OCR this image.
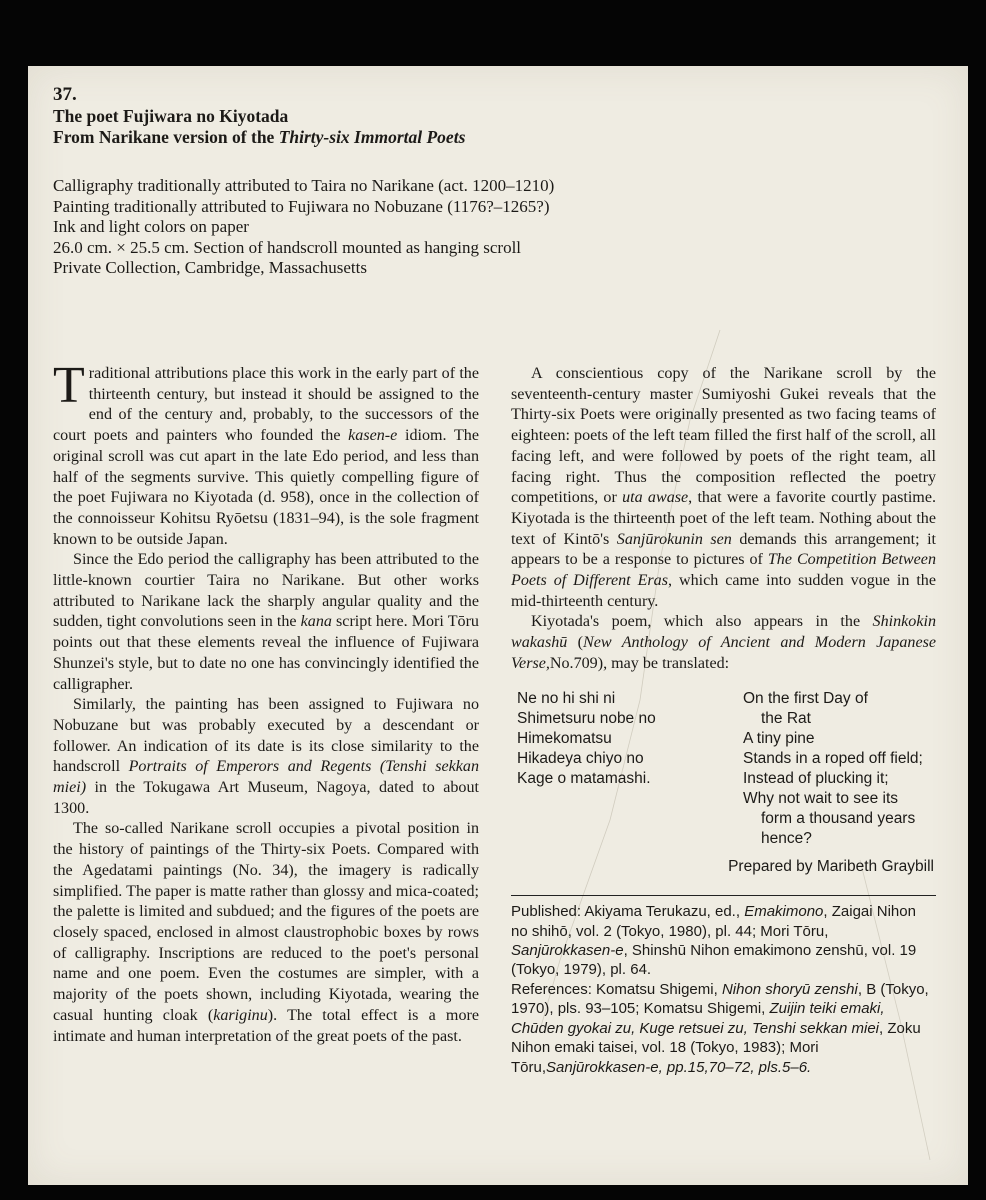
37.
The poet Fujiwara no Kiyotada
From Narikane version of the Thirty-six Immortal Poets
Calligraphy traditionally attributed to Taira no Narikane (act. 1200–1210)
Painting traditionally attributed to Fujiwara no Nobuzane (1176?–1265?)
Ink and light colors on paper
26.0 cm. × 25.5 cm. Section of handscroll mounted as hanging scroll
Private Collection, Cambridge, Massachusetts

Traditional attributions place this work in the early part of the thirteenth century, but instead it should be assigned to the end of the century and, probably, to the successors of the court poets and painters who founded the kasen-e idiom. The original scroll was cut apart in the late Edo period, and less than half of the segments survive. This quietly compelling figure of the poet Fujiwara no Kiyotada (d. 958), once in the collection of the connoisseur Kohitsu Ryōetsu (1831–94), is the sole fragment known to be outside Japan.

Since the Edo period the calligraphy has been attributed to the little-known courtier Taira no Narikane. But other works attributed to Narikane lack the sharply angular quality and the sudden, tight convolutions seen in the kana script here. Mori Tōru points out that these elements reveal the influence of Fujiwara Shunzei's style, but to date no one has convincingly identified the calligrapher.

Similarly, the painting has been assigned to Fujiwara no Nobuzane but was probably executed by a descendant or follower. An indication of its date is its close similarity to the handscroll Portraits of Emperors and Regents (Tenshi sekkan miei) in the Tokugawa Art Museum, Nagoya, dated to about 1300.

The so-called Narikane scroll occupies a pivotal position in the history of paintings of the Thirty-six Poets. Compared with the Agedatami paintings (No. 34), the imagery is radically simplified. The paper is matte rather than glossy and mica-coated; the palette is limited and subdued; and the figures of the poets are closely spaced, enclosed in almost claustrophobic boxes by rows of calligraphy. Inscriptions are reduced to the poet's personal name and one poem. Even the costumes are simpler, with a majority of the poets shown, including Kiyotada, wearing the casual hunting cloak (kariginu). The total effect is a more intimate and human interpretation of the great poets of the past.

A conscientious copy of the Narikane scroll by the seventeenth-century master Sumiyoshi Gukei reveals that the Thirty-six Poets were originally presented as two facing teams of eighteen: poets of the left team filled the first half of the scroll, all facing left, and were followed by poets of the right team, all facing right. Thus the composition reflected the poetry competitions, or uta awase, that were a favorite courtly pastime. Kiyotada is the thirteenth poet of the left team. Nothing about the text of Kintō's Sanjūrokunin sen demands this arrangement; it appears to be a response to pictures of The Competition Between Poets of Different Eras, which came into sudden vogue in the mid-thirteenth century.

Kiyotada's poem, which also appears in the Shinkokin wakashū (New Anthology of Ancient and Modern Japanese Verse,No.709), may be translated:

Ne no hi shi ni
Shimetsuru nobe no
Himekomatsu
Hikadeya chiyo no
Kage o matamashi.
On the first Day of
the Rat
A tiny pine
Stands in a roped off field;
Instead of plucking it;
Why not wait to see its
form a thousand years
hence?
Prepared by Maribeth Graybill
Published: Akiyama Terukazu, ed., Emakimono, Zaigai Nihon no shihō, vol. 2 (Tokyo, 1980), pl. 44; Mori Tōru, Sanjūrokkasen-e, Shinshū Nihon emakimono zenshū, vol. 19 (Tokyo, 1979), pl. 64.
References: Komatsu Shigemi, Nihon shoryū zenshi, B (Tokyo, 1970), pls. 93–105; Komatsu Shigemi, Zuijin teiki emaki, Chūden gyokai zu, Kuge retsuei zu, Tenshi sekkan miei, Zoku Nihon emaki taisei, vol. 18 (Tokyo, 1983); Mori Tōru,Sanjūrokkasen-e, pp.15,70–72, pls.5–6.
